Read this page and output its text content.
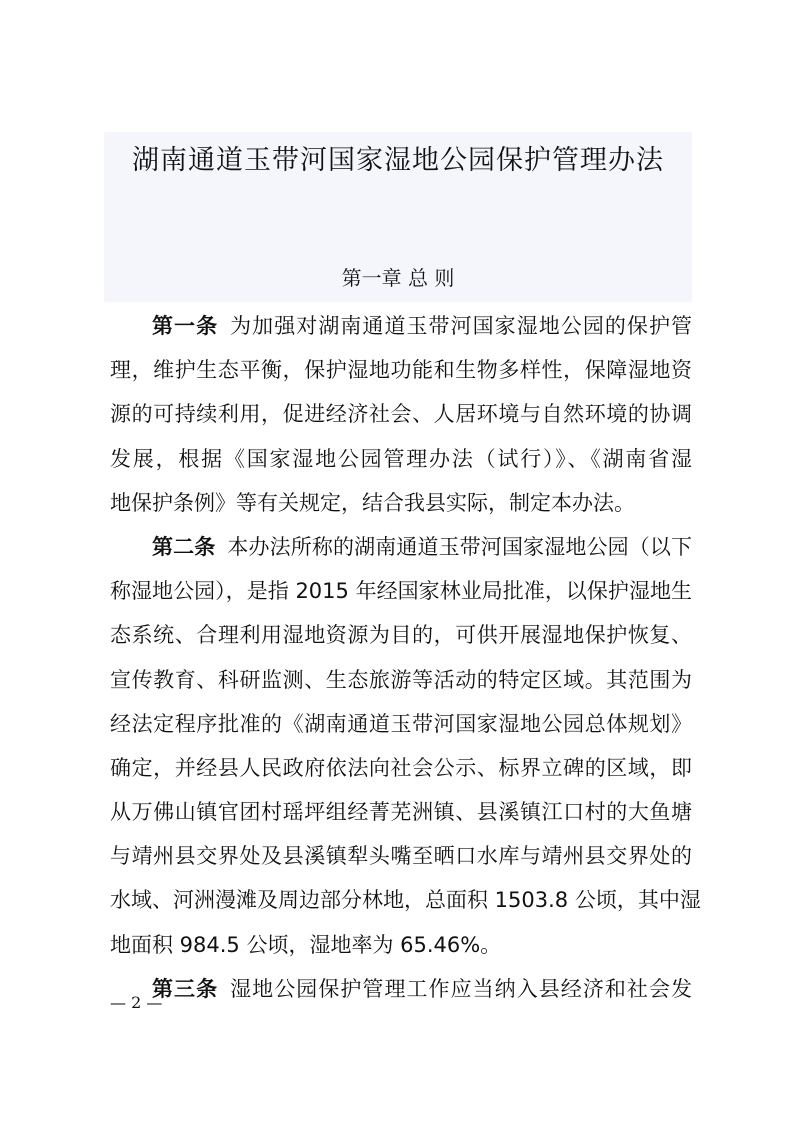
湖南通道玉带河国家湿地公园保护管理办法
第一章 总 则
第一条 为加强对湖南通道玉带河国家湿地公园的保护管
理，维护生态平衡，保护湿地功能和生物多样性，保障湿地资
源的可持续利用，促进经济社会、人居环境与自然环境的协调
发展，根据《国家湿地公园管理办法（试行）》、《湖南省湿
地保护条例》等有关规定，结合我县实际，制定本办法。
第二条 本办法所称的湖南通道玉带河国家湿地公园（以下
称湿地公园），是指 2015 年经国家林业局批准，以保护湿地生
态系统、合理利用湿地资源为目的，可供开展湿地保护恢复、
宣传教育、科研监测、生态旅游等活动的特定区域。其范围为
经法定程序批准的《湖南通道玉带河国家湿地公园总体规划》
确定，并经县人民政府依法向社会公示、标界立碑的区域，即
从万佛山镇官团村瑶坪组经菁芜洲镇、县溪镇江口村的大鱼塘
与靖州县交界处及县溪镇犁头嘴至晒口水库与靖州县交界处的
水域、河洲漫滩及周边部分林地，总面积 1503.8 公顷，其中湿
地面积 984.5 公顷，湿地率为 65.46%。
第三条 湿地公园保护管理工作应当纳入县经济和社会发
— 2 —
